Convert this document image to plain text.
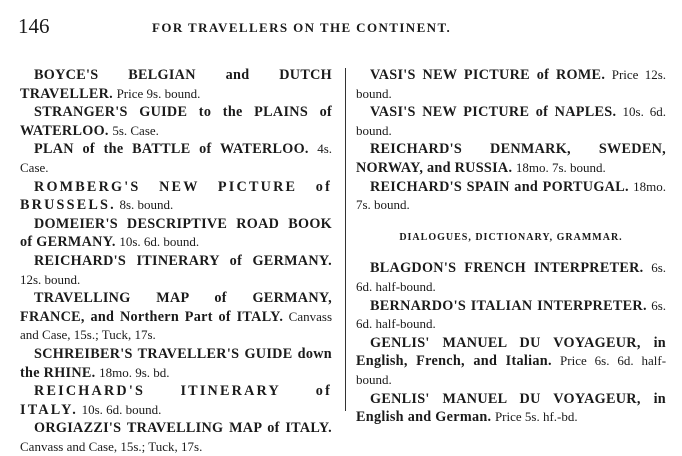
146	FOR TRAVELLERS ON THE CONTINENT.

BOYCE'S BELGIAN and DUTCH TRAVELLER. Price 9s. bound.

STRANGER'S GUIDE to the PLAINS of WATERLOO. 5s. Case.

PLAN of the BATTLE of WATERLOO. 4s. Case.

ROMBERG'S NEW PICTURE of BRUSSELS. 8s. bound.

DOMEIER'S DESCRIPTIVE ROAD BOOK of GERMANY. 10s. 6d. bound.

REICHARD'S ITINERARY of GERMANY. 12s. bound.

TRAVELLING MAP of GERMANY, FRANCE, and Northern Part of ITALY. Canvass and Case, 15s.; Tuck, 17s.

SCHREIBER'S TRAVELLER'S GUIDE down the RHINE. 18mo. 9s. bd.

REICHARD'S ITINERARY of ITALY. 10s. 6d. bound.

ORGIAZZI'S TRAVELLING MAP of ITALY. Canvass and Case, 15s.; Tuck, 17s.

VASI'S NEW PICTURE of ROME. Price 12s. bound.

VASI'S NEW PICTURE of NAPLES. 10s. 6d. bound.

REICHARD'S DENMARK, SWEDEN, NORWAY, and RUSSIA. 18mo. 7s. bound.

REICHARD'S SPAIN and PORTUGAL. 18mo. 7s. bound.

DIALOGUES, DICTIONARY, GRAMMAR.

BLAGDON'S FRENCH INTERPRETER. 6s. 6d. half-bound.

BERNARDO'S ITALIAN INTERPRETER. 6s. 6d. half-bound.

GENLIS' MANUEL DU VOYAGEUR, in English, French, and Italian. Price 6s. 6d. half-bound.

GENLIS' MANUEL DU VOYAGEUR, in English and German. Price 5s. hf.-bd.
